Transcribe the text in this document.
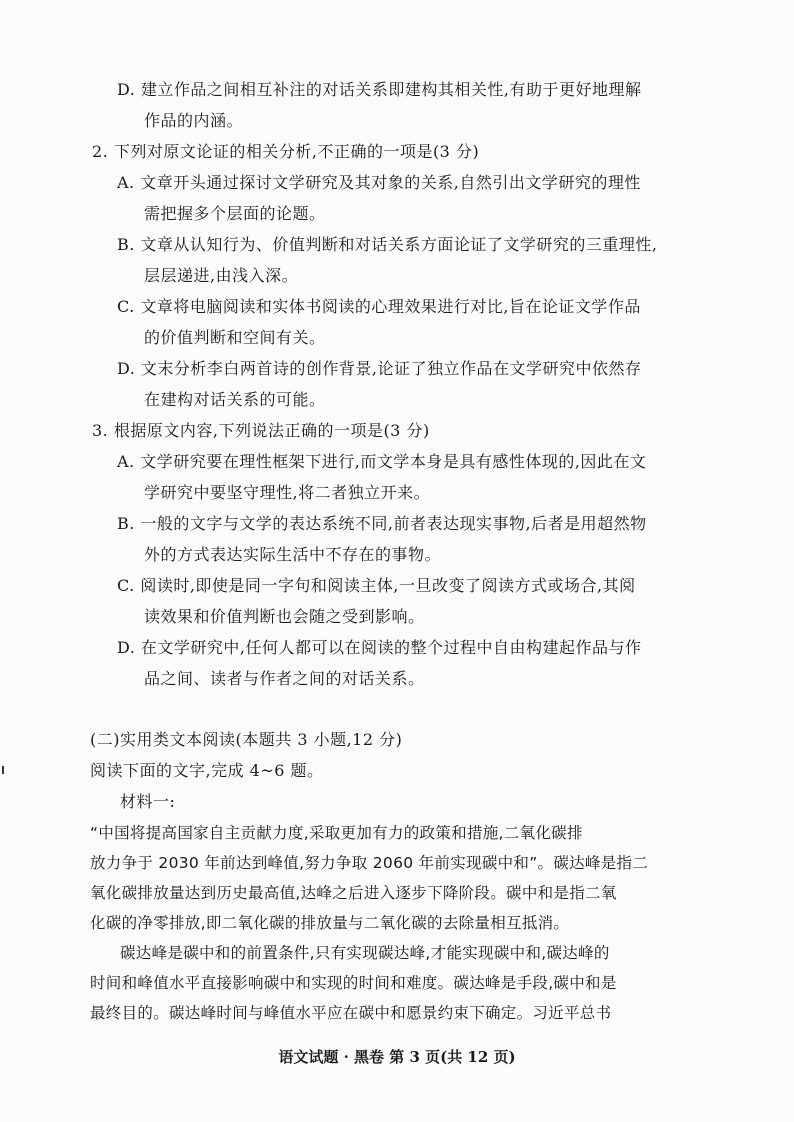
D. 建立作品之间相互补注的对话关系即建构其相关性,有助于更好地理解
作品的内涵。
2. 下列对原文论证的相关分析,不正确的一项是(3 分)
A. 文章开头通过探讨文学研究及其对象的关系,自然引出文学研究的理性
需把握多个层面的论题。
B. 文章从认知行为、价值判断和对话关系方面论证了文学研究的三重理性,
层层递进,由浅入深。
C. 文章将电脑阅读和实体书阅读的心理效果进行对比,旨在论证文学作品
的价值判断和空间有关。
D. 文末分析李白两首诗的创作背景,论证了独立作品在文学研究中依然存
在建构对话关系的可能。
3. 根据原文内容,下列说法正确的一项是(3 分)
A. 文学研究要在理性框架下进行,而文学本身是具有感性体现的,因此在文
学研究中要坚守理性,将二者独立开来。
B. 一般的文字与文学的表达系统不同,前者表达现实事物,后者是用超然物
外的方式表达实际生活中不存在的事物。
C. 阅读时,即使是同一字句和阅读主体,一旦改变了阅读方式或场合,其阅
读效果和价值判断也会随之受到影响。
D. 在文学研究中,任何人都可以在阅读的整个过程中自由构建起作品与作
品之间、读者与作者之间的对话关系。
(二)实用类文本阅读(本题共 3 小题,12 分)
阅读下面的文字,完成 4~6 题。
材料一:
“中国将提高国家自主贡献力度,采取更加有力的政策和措施,二氧化碳排
放力争于 2030 年前达到峰值,努力争取 2060 年前实现碳中和”。碳达峰是指二
氧化碳排放量达到历史最高值,达峰之后进入逐步下降阶段。碳中和是指二氧
化碳的净零排放,即二氧化碳的排放量与二氧化碳的去除量相互抵消。
碳达峰是碳中和的前置条件,只有实现碳达峰,才能实现碳中和,碳达峰的
时间和峰值水平直接影响碳中和实现的时间和难度。碳达峰是手段,碳中和是
最终目的。碳达峰时间与峰值水平应在碳中和愿景约束下确定。习近平总书
语文试题 · 黑卷 第 3 页(共 12 页)
